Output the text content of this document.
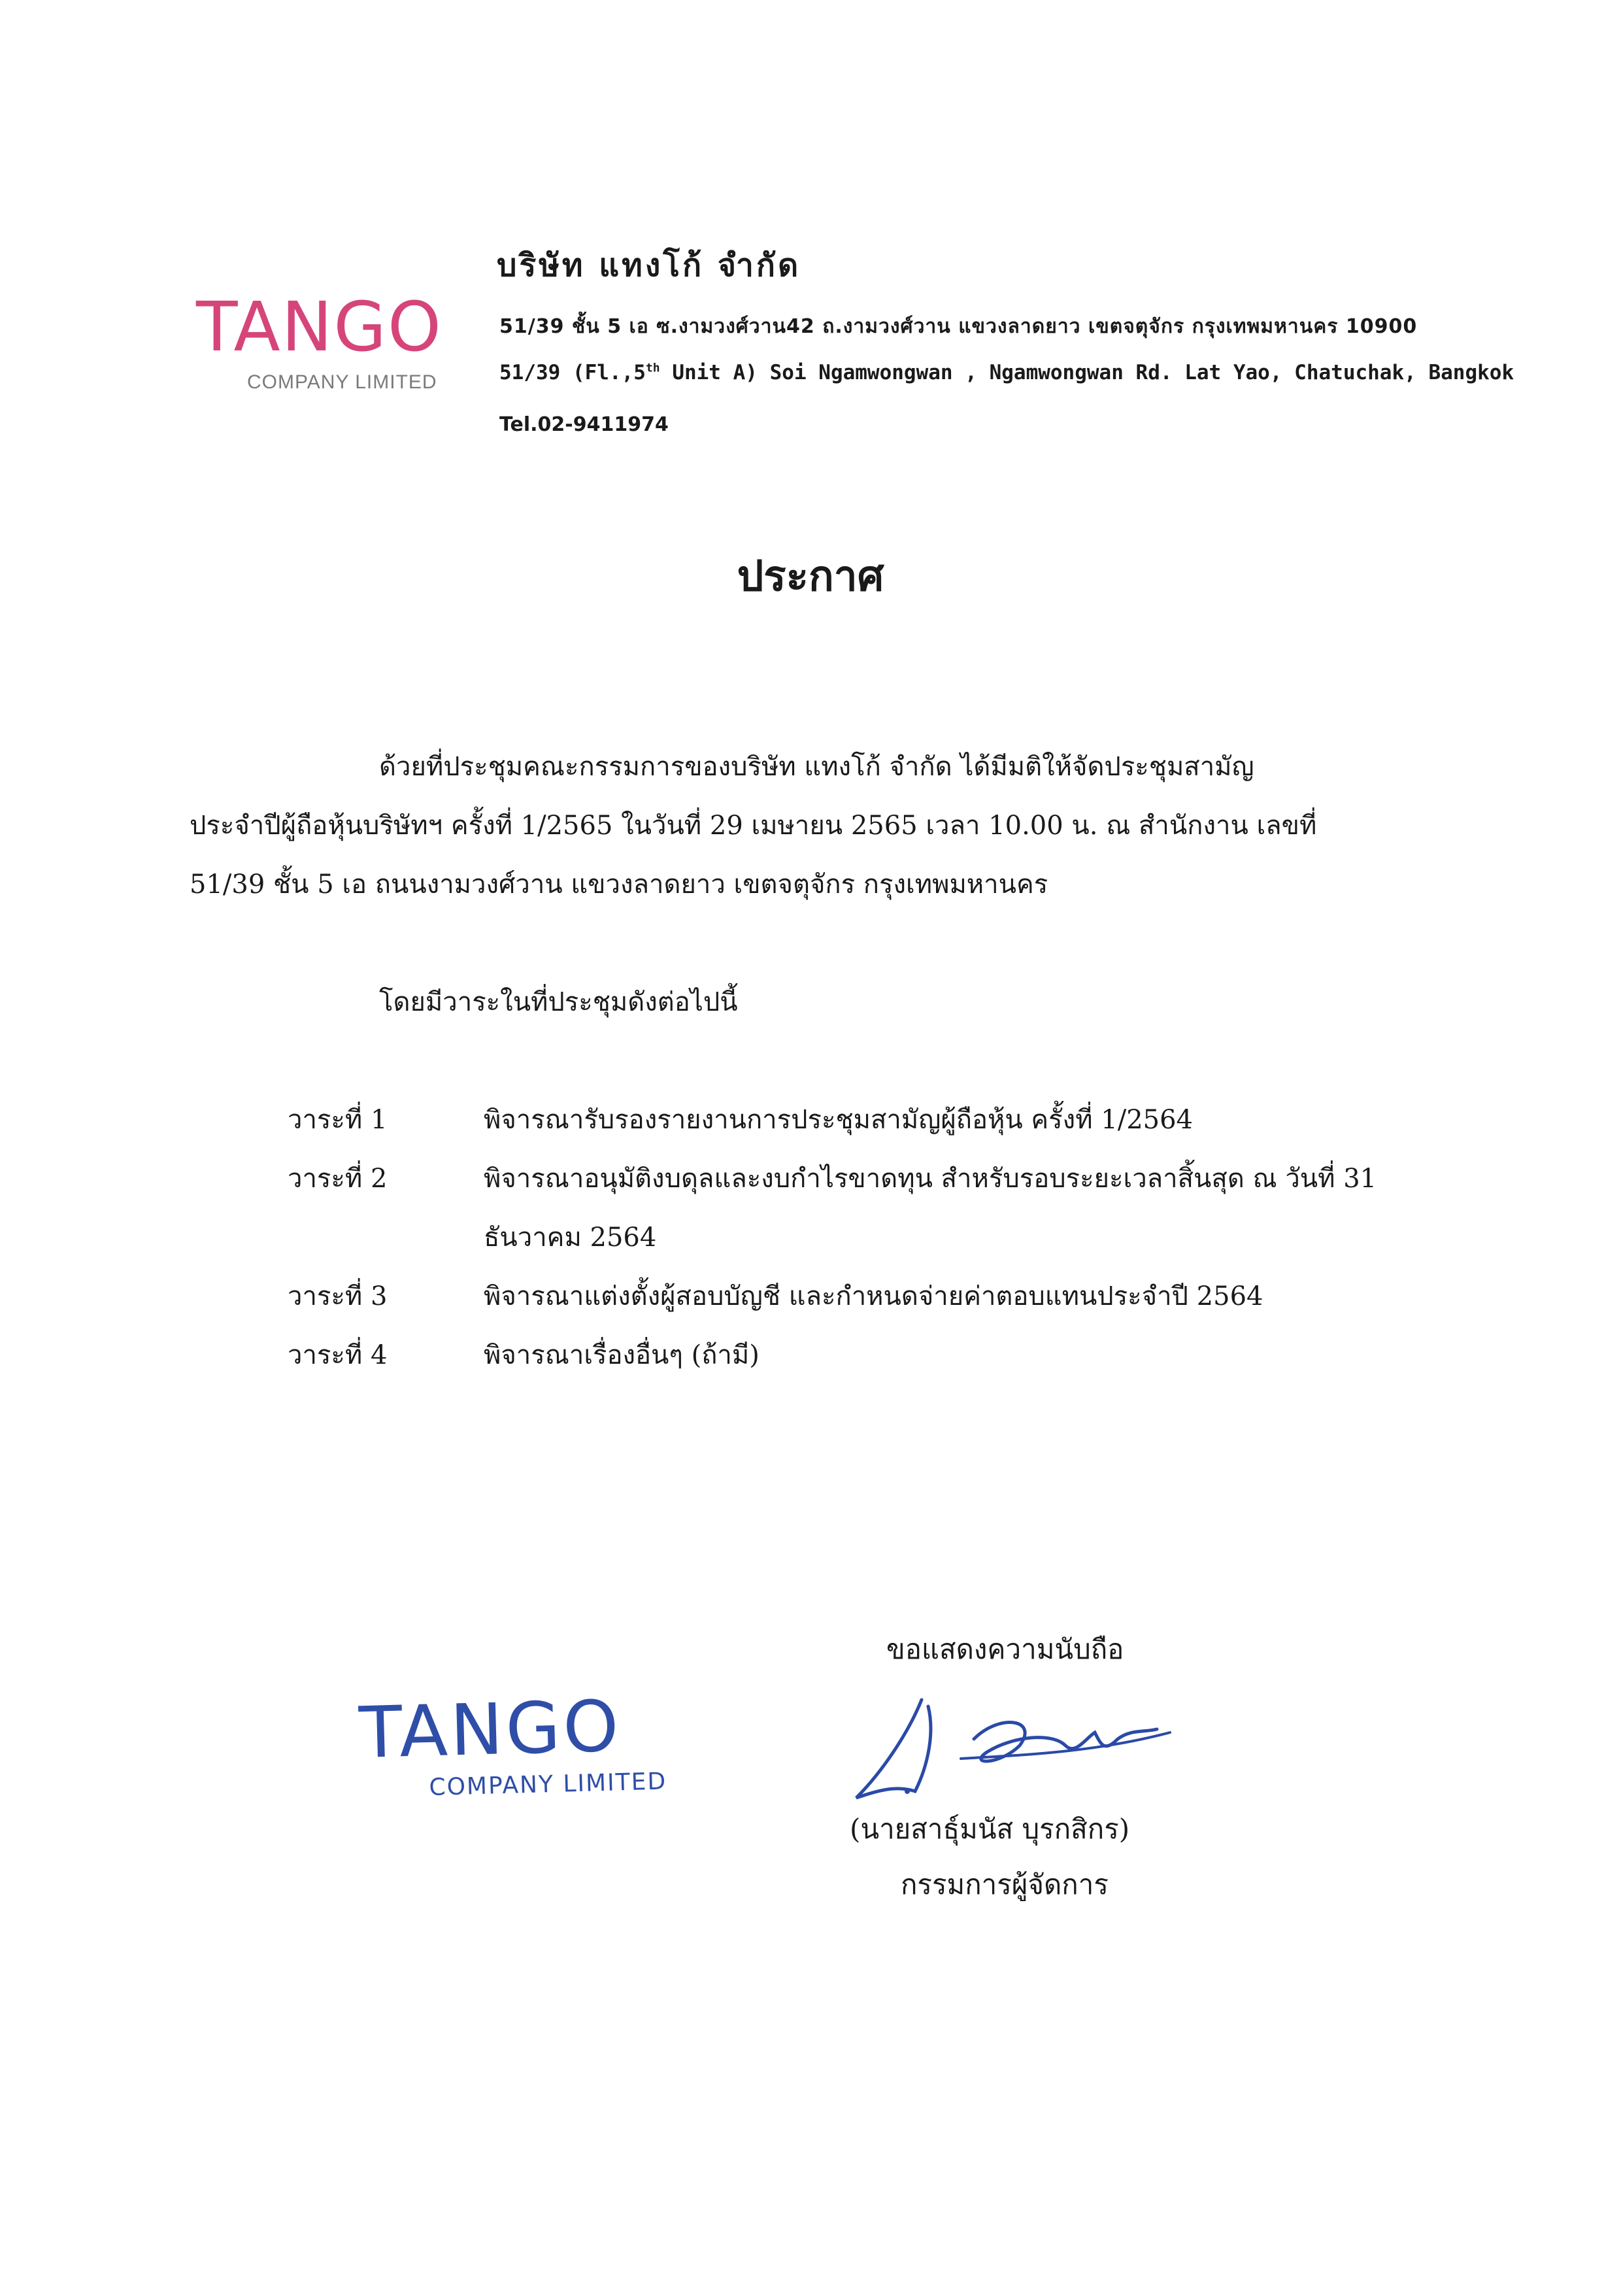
TANGO
COMPANY LIMITED
บริษัท แทงโก้ จำกัด
51/39 ชั้น 5 เอ ซ.งามวงศ์วาน42 ถ.งามวงศ์วาน แขวงลาดยาว เขตจตุจักร กรุงเทพมหานคร 10900
51/39 (Fl.,5th Unit A) Soi Ngamwongwan , Ngamwongwan Rd. Lat Yao, Chatuchak, Bangkok
Tel.02-9411974
ประกาศ
ด้วยที่ประชุมคณะกรรมการของบริษัท แทงโก้ จำกัด ได้มีมติให้จัดประชุมสามัญ
ประจำปีผู้ถือหุ้นบริษัทฯ ครั้งที่ 1/2565 ในวันที่ 29 เมษายน 2565 เวลา 10.00 น. ณ สำนักงาน เลขที่
51/39 ชั้น 5 เอ ถนนงามวงศ์วาน แขวงลาดยาว เขตจตุจักร กรุงเทพมหานคร
โดยมีวาระในที่ประชุมดังต่อไปนี้
วาระที่ 1	พิจารณารับรองรายงานการประชุมสามัญผู้ถือหุ้น ครั้งที่ 1/2564
วาระที่ 2	พิจารณาอนุมัติงบดุลและงบกำไรขาดทุน สำหรับรอบระยะเวลาสิ้นสุด ณ วันที่ 31
ธันวาคม 2564
วาระที่ 3	พิจารณาแต่งตั้งผู้สอบบัญชี และกำหนดจ่ายค่าตอบแทนประจำปี 2564
วาระที่ 4	พิจารณาเรื่องอื่นๆ (ถ้ามี)
ขอแสดงความนับถือ
TANGO
COMPANY LIMITED
(นายสาธุ์มนัส บุรกสิกร)
กรรมการผู้จัดการ
